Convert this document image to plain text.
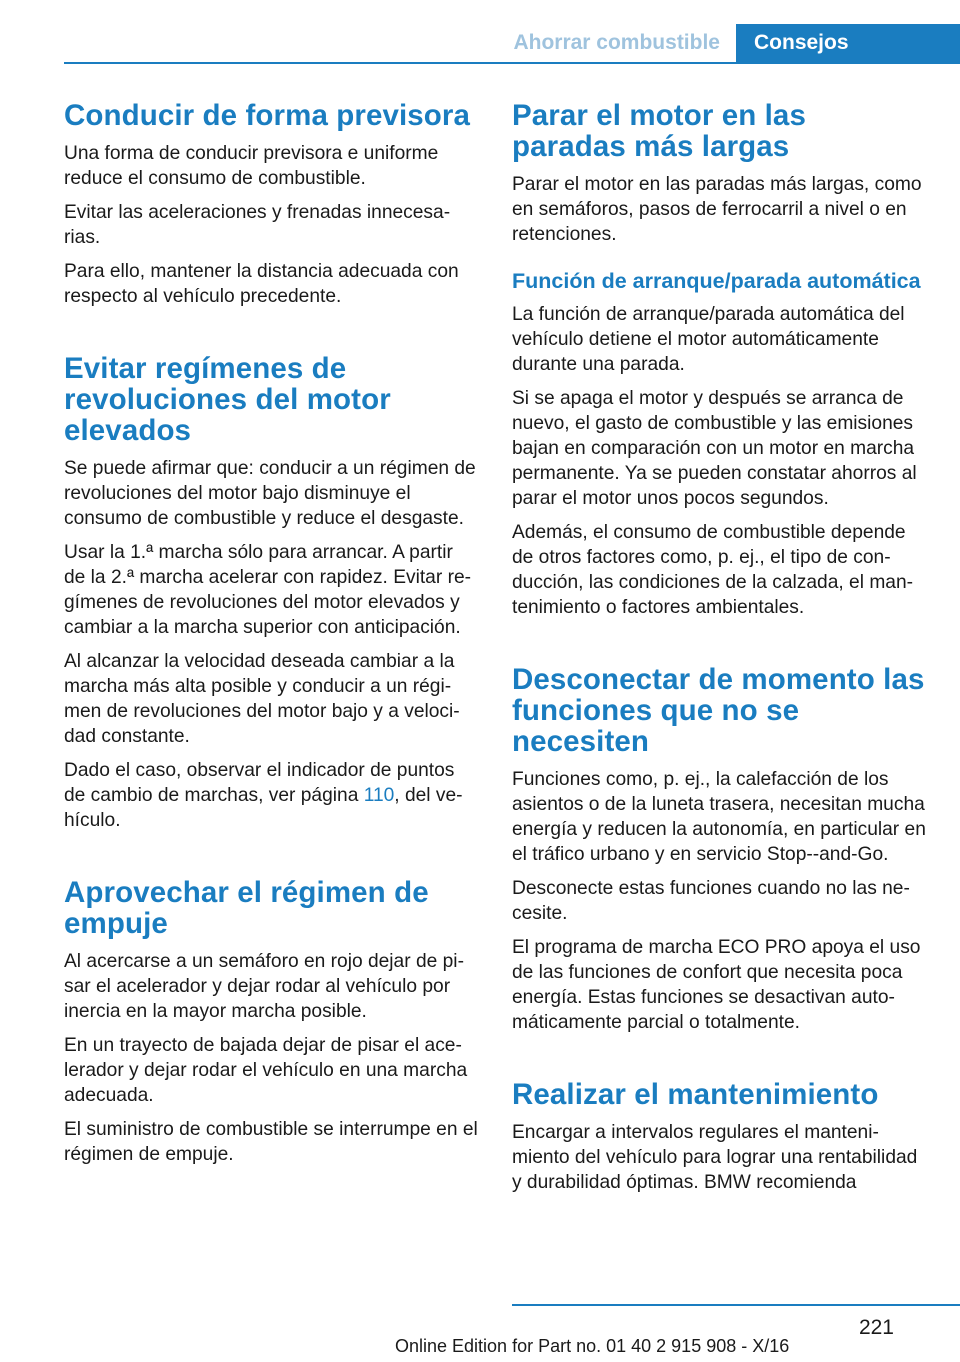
Ahorrar combustible	Consejos
Conducir de forma previsora

Una forma de conducir previsora e uniforme reduce el consumo de combustible.

Evitar las aceleraciones y frenadas innecesarias.

Para ello, mantener la distancia adecuada con respecto al vehículo precedente.

Evitar regímenes de revoluciones del motor elevados

Se puede afirmar que: conducir a un régimen de revoluciones del motor bajo disminuye el consumo de combustible y reduce el desgaste.

Usar la 1.ª marcha sólo para arrancar. A partir de la 2.ª marcha acelerar con rapidez. Evitar regímenes de revoluciones del motor elevados y cambiar a la marcha superior con anticipación.

Al alcanzar la velocidad deseada cambiar a la marcha más alta posible y conducir a un régimen de revoluciones del motor bajo y a velocidad constante.

Dado el caso, observar el indicador de puntos de cambio de marchas, ver página 110, del vehículo.

Aprovechar el régimen de empuje

Al acercarse a un semáforo en rojo dejar de pisar el acelerador y dejar rodar al vehículo por inercia en la mayor marcha posible.

En un trayecto de bajada dejar de pisar el acelerador y dejar rodar el vehículo en una marcha adecuada.

El suministro de combustible se interrumpe en el régimen de empuje.

Parar el motor en las paradas más largas

Parar el motor en las paradas más largas, como en semáforos, pasos de ferrocarril a nivel o en retenciones.

Función de arranque/parada automática

La función de arranque/parada automática del vehículo detiene el motor automáticamente durante una parada.

Si se apaga el motor y después se arranca de nuevo, el gasto de combustible y las emisiones bajan en comparación con un motor en marcha permanente. Ya se pueden constatar ahorros al parar el motor unos pocos segundos.

Además, el consumo de combustible depende de otros factores como, p. ej., el tipo de conducción, las condiciones de la calzada, el mantenimiento o factores ambientales.

Desconectar de momento las funciones que no se necesiten

Funciones como, p. ej., la calefacción de los asientos o de la luneta trasera, necesitan mucha energía y reducen la autonomía, en particular en el tráfico urbano y en servicio Stop--and-Go.

Desconecte estas funciones cuando no las necesite.

El programa de marcha ECO PRO apoya el uso de las funciones de confort que necesita poca energía. Estas funciones se desactivan automáticamente parcial o totalmente.

Realizar el mantenimiento

Encargar a intervalos regulares el mantenimiento del vehículo para lograr una rentabilidad y durabilidad óptimas. BMW recomienda

221
Online Edition for Part no. 01 40 2 915 908 - X/16
